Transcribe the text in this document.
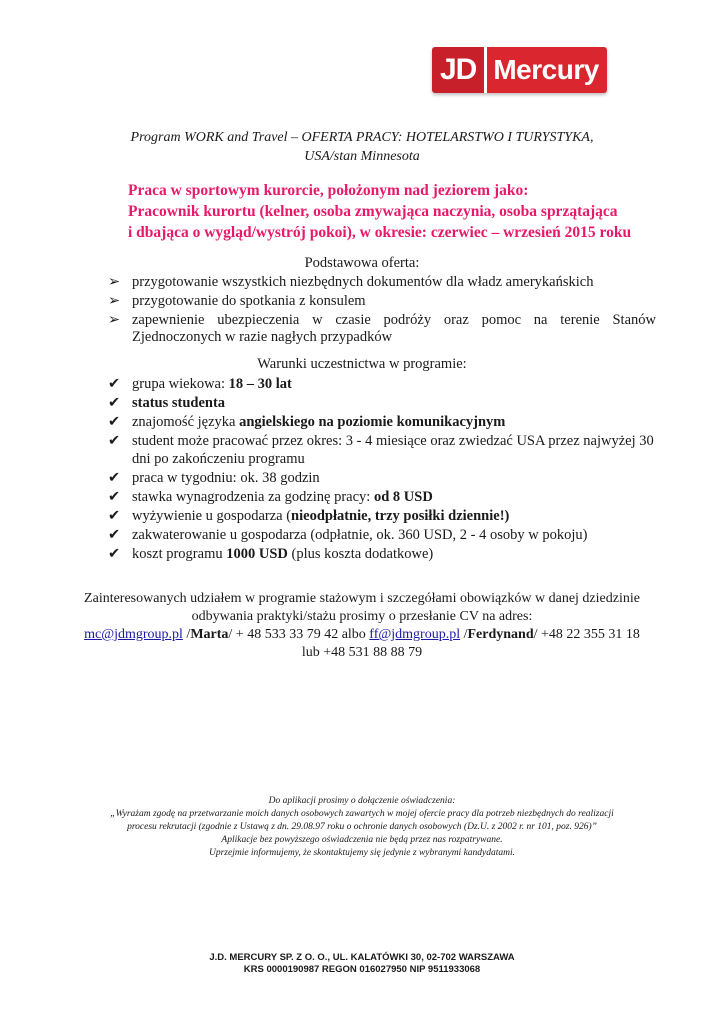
JD Mercury
Program WORK and Travel – OFERTA PRACY: HOTELARSTWO I TURYSTYKA,
USA/stan Minnesota
Praca w sportowym kurorcie, położonym nad jeziorem jako:
Pracownik kurortu (kelner, osoba zmywająca naczynia, osoba sprzątająca
i dbająca o wygląd/wystrój pokoi), w okresie: czerwiec – wrzesień 2015 roku
Podstawowa oferta:
➢ przygotowanie wszystkich niezbędnych dokumentów dla władz amerykańskich
➢ przygotowanie do spotkania z konsulem
➢ zapewnienie ubezpieczenia w czasie podróży oraz pomoc na terenie Stanów Zjednoczonych w razie nagłych przypadków
Warunki uczestnictwa w programie:
✔ grupa wiekowa: 18 – 30 lat
✔ status studenta
✔ znajomość języka angielskiego na poziomie komunikacyjnym
✔ student może pracować przez okres: 3 - 4 miesiące oraz zwiedzać USA przez najwyżej 30 dni po zakończeniu programu
✔ praca w tygodniu: ok. 38 godzin
✔ stawka wynagrodzenia za godzinę pracy: od 8 USD
✔ wyżywienie u gospodarza (nieodpłatnie, trzy posiłki dziennie!)
✔ zakwaterowanie u gospodarza (odpłatnie, ok. 360 USD, 2 - 4 osoby w pokoju)
✔ koszt programu 1000 USD (plus koszta dodatkowe)
Zainteresowanych udziałem w programie stażowym i szczegółami obowiązków w danej dziedzinie
odbywania praktyki/stażu prosimy o przesłanie CV na adres:
mc@jdmgroup.pl /Marta/ + 48 533 33 79 42 albo ff@jdmgroup.pl /Ferdynand/ +48 22 355 31 18
lub +48 531 88 88 79
Do aplikacji prosimy o dołączenie oświadczenia:
„Wyrażam zgodę na przetwarzanie moich danych osobowych zawartych w mojej ofercie pracy dla potrzeb niezbędnych do realizacji
procesu rekrutacji (zgodnie z Ustawą z dn. 29.08.97 roku o ochronie danych osobowych (Dz.U. z 2002 r. nr 101, poz. 926)”
Aplikacje bez powyższego oświadczenia nie będą przez nas rozpatrywane.
Uprzejmie informujemy, że skontaktujemy się jedynie z wybranymi kandydatami.
J.D. MERCURY SP. Z O. O., UL. KALATÓWKI 30, 02-702 WARSZAWA
KRS 0000190987 REGON 016027950 NIP 9511933068
